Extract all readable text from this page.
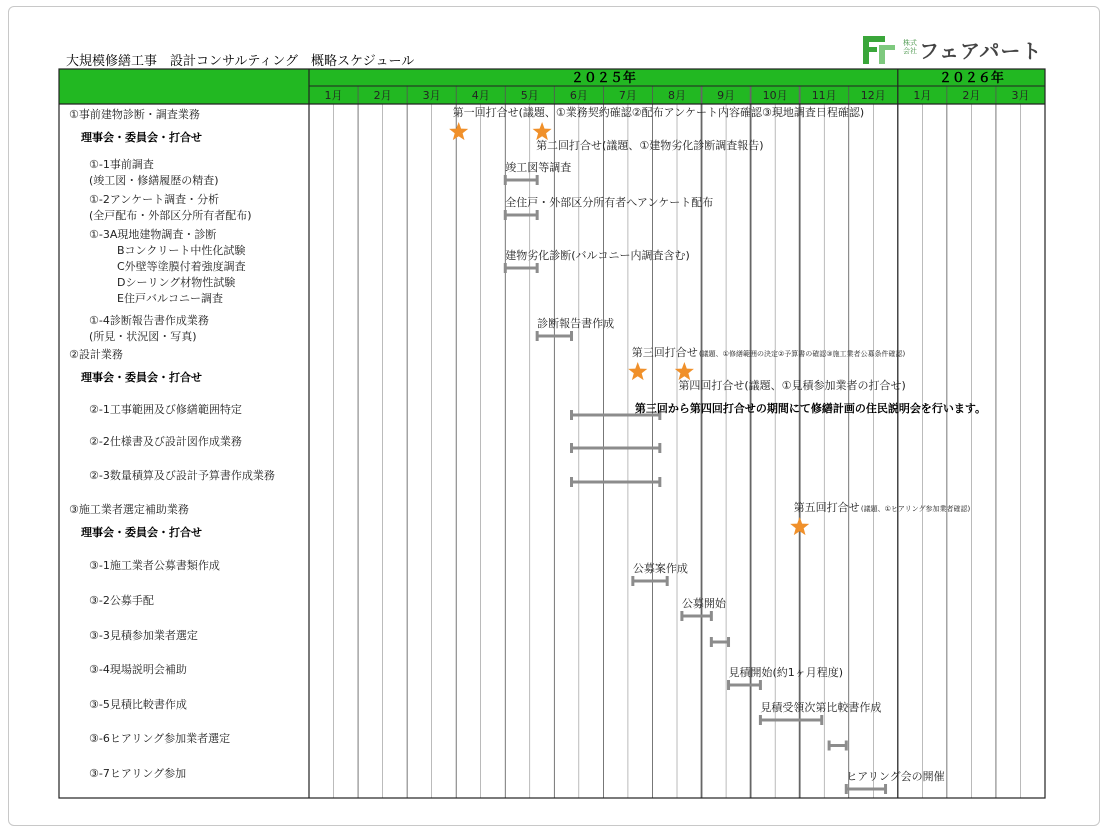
大規模修繕工事　設計コンサルティング　概略スケジュール
株式会社 フェアパート
２０２５年	２０２６年
1月	2月	3月	4月	5月	6月	7月	8月	9月	10月 11月 12月	1月	2月	3月
①事前建物診断・調査業務
理事会・委員会・打合せ
①-1事前調査
(竣工図・修繕履歴の精査)
①-2アンケート調査・分析
(全戸配布・外部区分所有者配布)
①-3A現地建物調査・診断
Bコンクリート中性化試験
C外壁等塗膜付着強度調査
Dシーリング材物性試験
E住戸バルコニー調査
①-4診断報告書作成業務
(所見・状況図・写真)
②設計業務
理事会・委員会・打合せ
②-1工事範囲及び修繕範囲特定
②-2仕様書及び設計図作成業務
②-3数量積算及び設計予算書作成業務
③施工業者選定補助業務
理事会・委員会・打合せ
③-1施工業者公募書類作成
③-2公募手配
③-3見積参加業者選定
③-4現場説明会補助
③-5見積比較書作成
③-6ヒアリング参加業者選定
③-7ヒアリング参加
竣工図等調査
全住戸・外部区分所有者へアンケート配布
建物劣化診断(バルコニー内調査含む)
診断報告書作成
公募案作成
公募開始
見積開始(約1ヶ月程度)
見積受領次第比較書作成
ヒアリング会の開催
第一回打合せ(議題、①業務契約確認②配布アンケート内容確認③現地調査日程確認)
第二回打合せ(議題、①建物劣化診断調査報告)
第三回打合せ (議題、①修繕範囲の決定②予算書の確認③施工業者公募条件確認)
第四回打合せ(議題、①見積参加業者の打合せ)
第五回打合せ (議題、①ヒアリング参加業者確認)
第三回から第四回打合せの期間にて修繕計画の住民説明会を行います。
